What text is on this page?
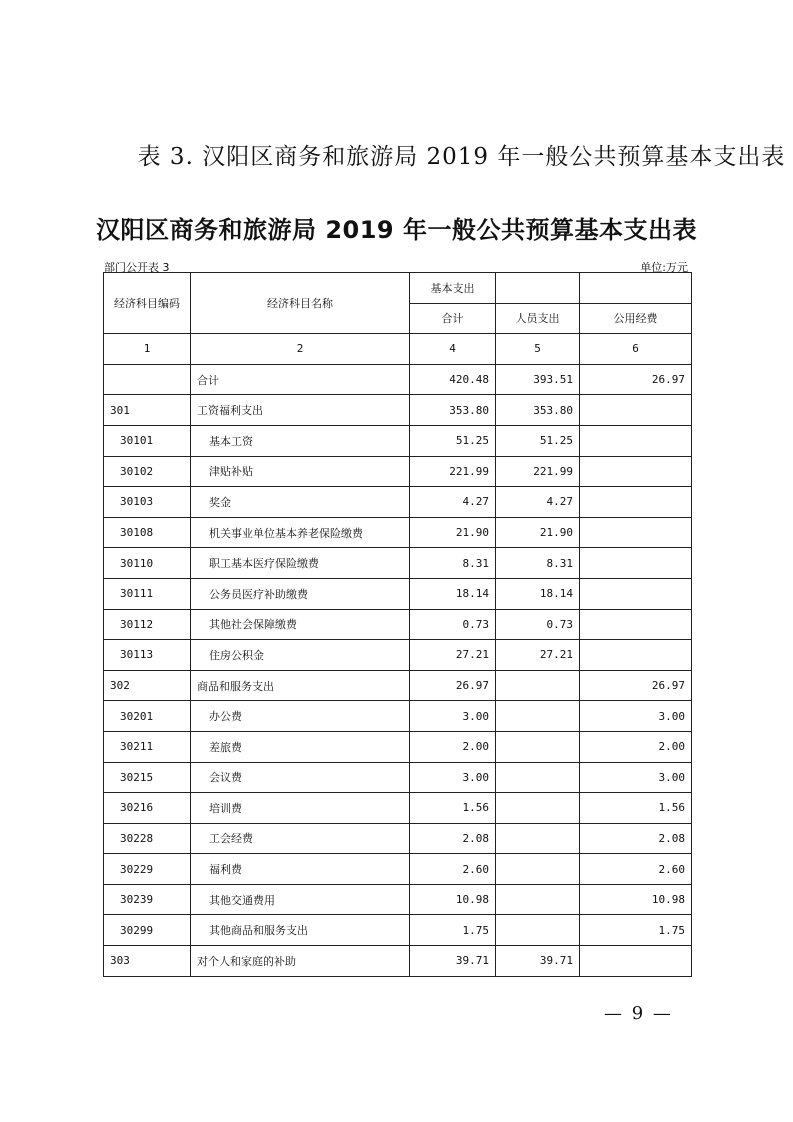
表 3. 汉阳区商务和旅游局 2019 年一般公共预算基本支出表
汉阳区商务和旅游局 2019 年一般公共预算基本支出表
部门公开表 3	单位:万元
经济科目编码	经济科目名称	基本支出		
		合计	人员支出	公用经费
1	2	4	5	6
	合计	420.48	393.51	26.97
301	工资福利支出	353.80	353.80	
30101	基本工资	51.25	51.25	
30102	津贴补贴	221.99	221.99	
30103	奖金	4.27	4.27	
30108	机关事业单位基本养老保险缴费	21.90	21.90	
30110	职工基本医疗保险缴费	8.31	8.31	
30111	公务员医疗补助缴费	18.14	18.14	
30112	其他社会保障缴费	0.73	0.73	
30113	住房公积金	27.21	27.21	
302	商品和服务支出	26.97		26.97
30201	办公费	3.00		3.00
30211	差旅费	2.00		2.00
30215	会议费	3.00		3.00
30216	培训费	1.56		1.56
30228	工会经费	2.08		2.08
30229	福利费	2.60		2.60
30239	其他交通费用	10.98		10.98
30299	其他商品和服务支出	1.75		1.75
303	对个人和家庭的补助	39.71	39.71	
— 9 —
